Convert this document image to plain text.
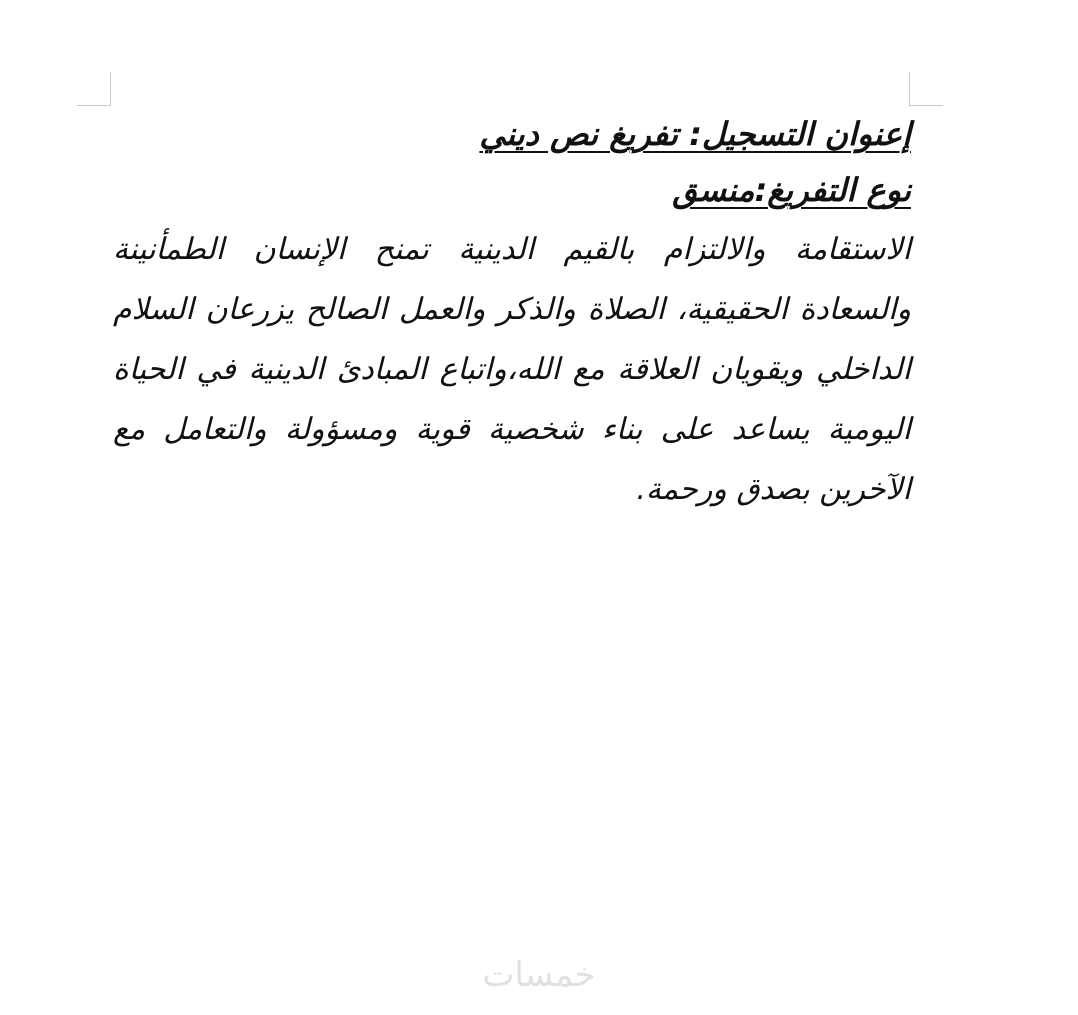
إعنوان التسجيل: تفريغ نص ديني

نوع التفريغ:منسق

الاستقامة والالتزام بالقيم الدينية تمنح الإنسان الطمأنينة والسعادة الحقيقية، الصلاة والذكر والعمل الصالح يزرعان السلام الداخلي ويقويان العلاقة مع الله،واتباع المبادئ الدينية في الحياة اليومية يساعد على بناء شخصية قوية ومسؤولة والتعامل مع الآخرين بصدق ورحمة.

خمسات
